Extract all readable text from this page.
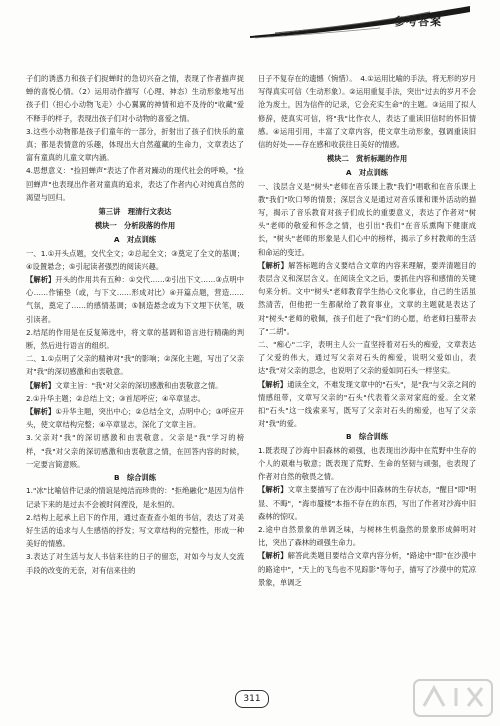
参考答案

子们的诱惑力和孩子们捉蝉时的急切兴奋之情，表现了作者描声捉蝉的喜悦心情。（2）运用动作描写（心理、神态）生动形象地写出孩子们（担心小动物飞走）小心翼翼的神情和迫不及待的"收藏"爱不释手的样子，表现出孩子们对小动物的喜爱之情。

3.这些小动物都是孩子们童年的一部分，折射出了孩子们快乐的童真；都是表情意的乐趣，体现出大自然蕴藏的生命力，文章表达了富有童真的儿童文章内涵。

4.思想意义："捡回蝉声"表达了作者对躁动的现代社会的呼唤，"捡回蝉声"也表现出作者对童真的追求，表达了作者内心对纯真自然的渴望与回归。

第三讲　理清行文表达

模块一　分析段落的作用

A　对点训练

一、1.①开头点题，交代全文；②总起全文；③奠定了全文的基调；④设置悬念；⑤引起读者强烈的阅读兴趣。

【解析】开头的作用共有五种：①交代……②引出下文……③点明中心……作铺垫（或，与下文……形成对比）④开篇点题，营造……气氛，奠定了……的感情基调；⑤制造悬念或为下文埋下伏笔，吸引读者。

2.结尾的作用是在反复筛选中，将文章的基调和语言进行精确的判断，然后进行语言的组织。

二、1.①点明了父亲的精神对"我"的影响；②深化主题，写出了父亲对"我"的深切感激和由衷敬意。

【解析】文章主旨："我"对父亲的深切感激和由衷敬意之情。

2.①升华主题；②总结上文；③首尾呼应；④卒章显志。

【解析】①升华主题，突出中心；②总结全文，点明中心；③呼应开头，使文章结构完整；④卒章显志，深化了文章主旨。

3.父亲对"我"的深切感激和由衷敬意。父亲是"我"学习的榜样，"我"对父亲的深切感激和由衷敬意之情，在回答内容的时候，一定要言简意赅。

B　综合训练

1."冰"比喻信件记录的情谊是纯洁而珍贵的："拒绝融化"是因为信件记录下来的是过去不会被时间湮没，是永恒的。

2.结构上起承上启下的作用，通过查查查小姐的书信，表达了对美好生活的追求与人生感悟的抒发；写文章结构的完整性，形成一种美好的情感。

3.表达了对生活与友人书信来往的日子的留恋，对如今与友人交流手段的改变的无奈，对有信来往的

日子不复存在的遗憾（惋惜）。　4.①运用比喻的手法，将无形的岁月写得真实可信（生动形象）。②运用重复手法，突出"过去的岁月不会沧为废土，因为信件的记录，它会充实生命"的主题。③运用了拟人修辞，使真实可信，将"我"比作衣人，表达了重读旧信时的怀旧情感。④运用引用，丰富了文章内容，使文章生动形象，强调重读旧信的好处——存在感和收获往日美好的情感。

模块二　赏析标题的作用

A　对点训练

一、浅层含义是"树头"老师在音乐课上教"我们"唱歌和在音乐课上教"我们"吹口琴的情景；深层含义是通过对音乐课和课外活动的描写，揭示了音乐教育对孩子们成长的重要意义，表达了作者对"树头"老师的敬爱和怀念之情，也引出"我们"在音乐熏陶下健康成长，"树头"老师的形象是人们心中的榜样，揭示了乡村教师的生活和命运的变迁。

【解析】解答标题的含义要结合文章的内容来理解，要弄清题目的表层含义和深层含义。在阅读全文之后，要抓住内容和感情的关键句来分析。文中"树头"老师教育学生热心文化事业，自己的生活虽然清苦，但他把一生都献给了教育事业，文章的主题就是表达了对"树头"老师的敬佩，孩子们赶了"我"们的心愿，给老师扫墓带去了"二胡"。

二、"痴心"二字，表明主人公一直坚持着对石头的痴爱，文章表达了父爱的伟大，通过写父亲对石头的痴爱，说明父爱如山，表达"我"对父亲的思念，也说明了父亲的爱如同石头一样坚实。

【解析】通读全文，不难发现文章中的"石头"，是"我"与父亲之间的情感纽带，文章写父亲的"石头"代表着父亲对家庭的爱。全文紧扣"石头"这一线索来写，既写了父亲对石头的痴爱，也写了父亲对"我"的爱。

B　综合训练

1.既表现了沙海中旧森林的顽强，也表现出沙海中在荒野中生存的个人的艰难与敬意；既表现了荒野、生命的坚韧与顽强，也表现了作者对自然的敬畏之情。

【解析】文章主要描写了在沙海中旧森林的生存状态，"醒目"即"明显、不晦"，"海市蜃楼"本指不存在的东西，写出了作者对沙海中旧森林的惊叹。

2.途中自然景象的单调乏味，与树林生机盎然的景象形成鲜明对比，突出了森林的顽强生命力。

【解析】解答此类题目要结合文章内容分析，"路途中"即"在沙漠中的路途中"，"天上的飞鸟也不见踪影"等句子，描写了沙漠中的荒凉景象，单调乏

311
